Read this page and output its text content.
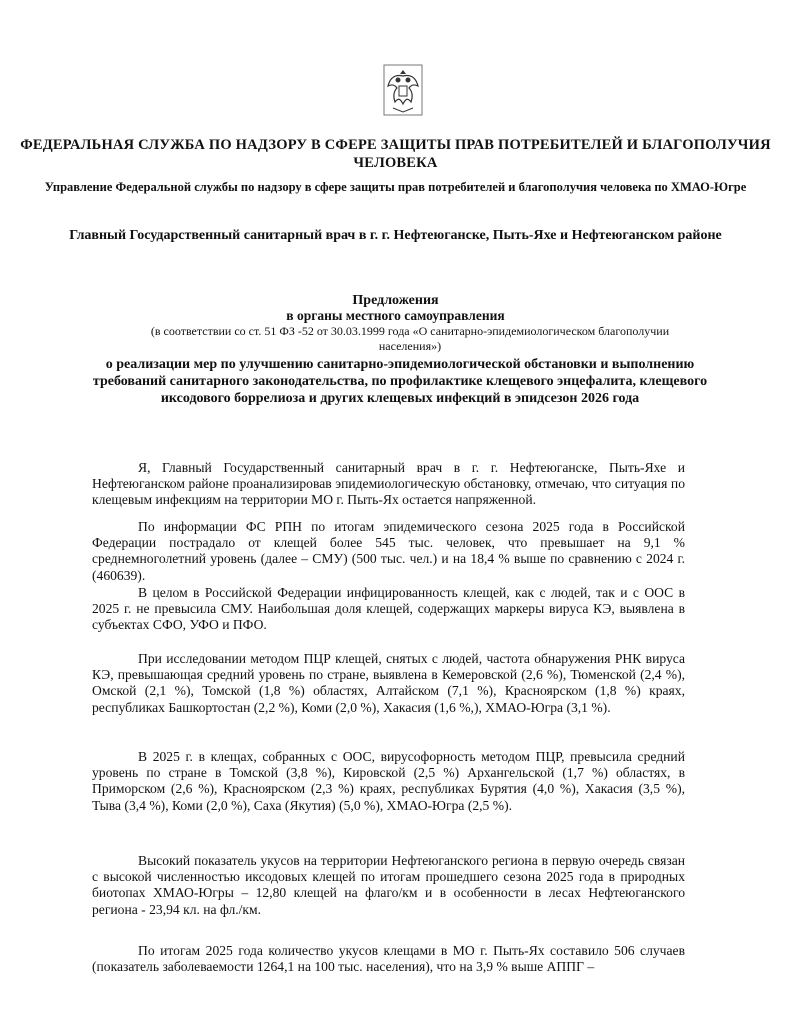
ФЕДЕРАЛЬНАЯ СЛУЖБА ПО НАДЗОРУ В СФЕРЕ ЗАЩИТЫ ПРАВ ПОТРЕБИТЕЛЕЙ И БЛАГОПОЛУЧИЯ ЧЕЛОВЕКА
Управление Федеральной службы по надзору в сфере защиты прав потребителей и благополучия человека по ХМАО-Югре
Главный Государственный санитарный врач в г. г. Нефтеюганске, Пыть-Яхе и Нефтеюганском районе
Предложения
в органы местного самоуправления
(в соответствии со ст. 51 ФЗ -52 от 30.03.1999 года «О санитарно-эпидемиологическом благополучии населения»)
о реализации мер по улучшению санитарно-эпидемиологической обстановки и выполнению требований санитарного законодательства, по профилактике клещевого энцефалита, клещевого иксодового боррелиоза и других клещевых инфекций в эпидсезон 2026 года

Я, Главный Государственный санитарный врач в г. г. Нефтеюганске, Пыть-Яхе и Нефтеюганском районе проанализировав эпидемиологическую обстановку, отмечаю, что ситуация по клещевым инфекциям на территории МО г. Пыть-Ях остается напряженной.

По информации ФС РПН по итогам эпидемического сезона 2025 года в Российской Федерации пострадало от клещей более 545 тыс. человек, что превышает на 9,1 % среднемноголетний уровень (далее – СМУ) (500 тыс. чел.) и на 18,4 % выше по сравнению с 2024 г. (460639).

В целом в Российской Федерации инфицированность клещей, как с людей, так и с ООС в 2025 г. не превысила СМУ. Наибольшая доля клещей, содержащих маркеры вируса КЭ, выявлена в субъектах СФО, УФО и ПФО.

При исследовании методом ПЦР клещей, снятых с людей, частота обнаружения РНК вируса КЭ, превышающая средний уровень по стране, выявлена в Кемеровской (2,6 %), Тюменской (2,4 %), Омской (2,1 %), Томской (1,8 %) областях, Алтайском (7,1 %), Красноярском (1,8 %) краях, республиках Башкортостан (2,2 %), Коми (2,0 %), Хакасия (1,6 %,), ХМАО-Югра (3,1 %).

В 2025 г. в клещах, собранных с ООС, вирусофорность методом ПЦР, превысила средний уровень по стране в Томской (3,8 %), Кировской (2,5 %) Архангельской (1,7 %) областях, в Приморском (2,6 %), Красноярском (2,3 %) краях, республиках Бурятия (4,0 %), Хакасия (3,5 %), Тыва (3,4 %), Коми (2,0 %), Саха (Якутия) (5,0 %), ХМАО-Югра (2,5 %).

Высокий показатель укусов на территории Нефтеюганского региона в первую очередь связан с высокой численностью иксодовых клещей по итогам прошедшего сезона 2025 года в природных биотопах ХМАО-Югры – 12,80 клещей на флаго/км и в особенности в лесах Нефтеюганского региона - 23,94 кл. на фл./км.

По итогам 2025 года количество укусов клещами в МО г. Пыть-Ях составило 506 случаев (показатель заболеваемости 1264,1 на 100 тыс. населения), что на 3,9 % выше АППГ –
